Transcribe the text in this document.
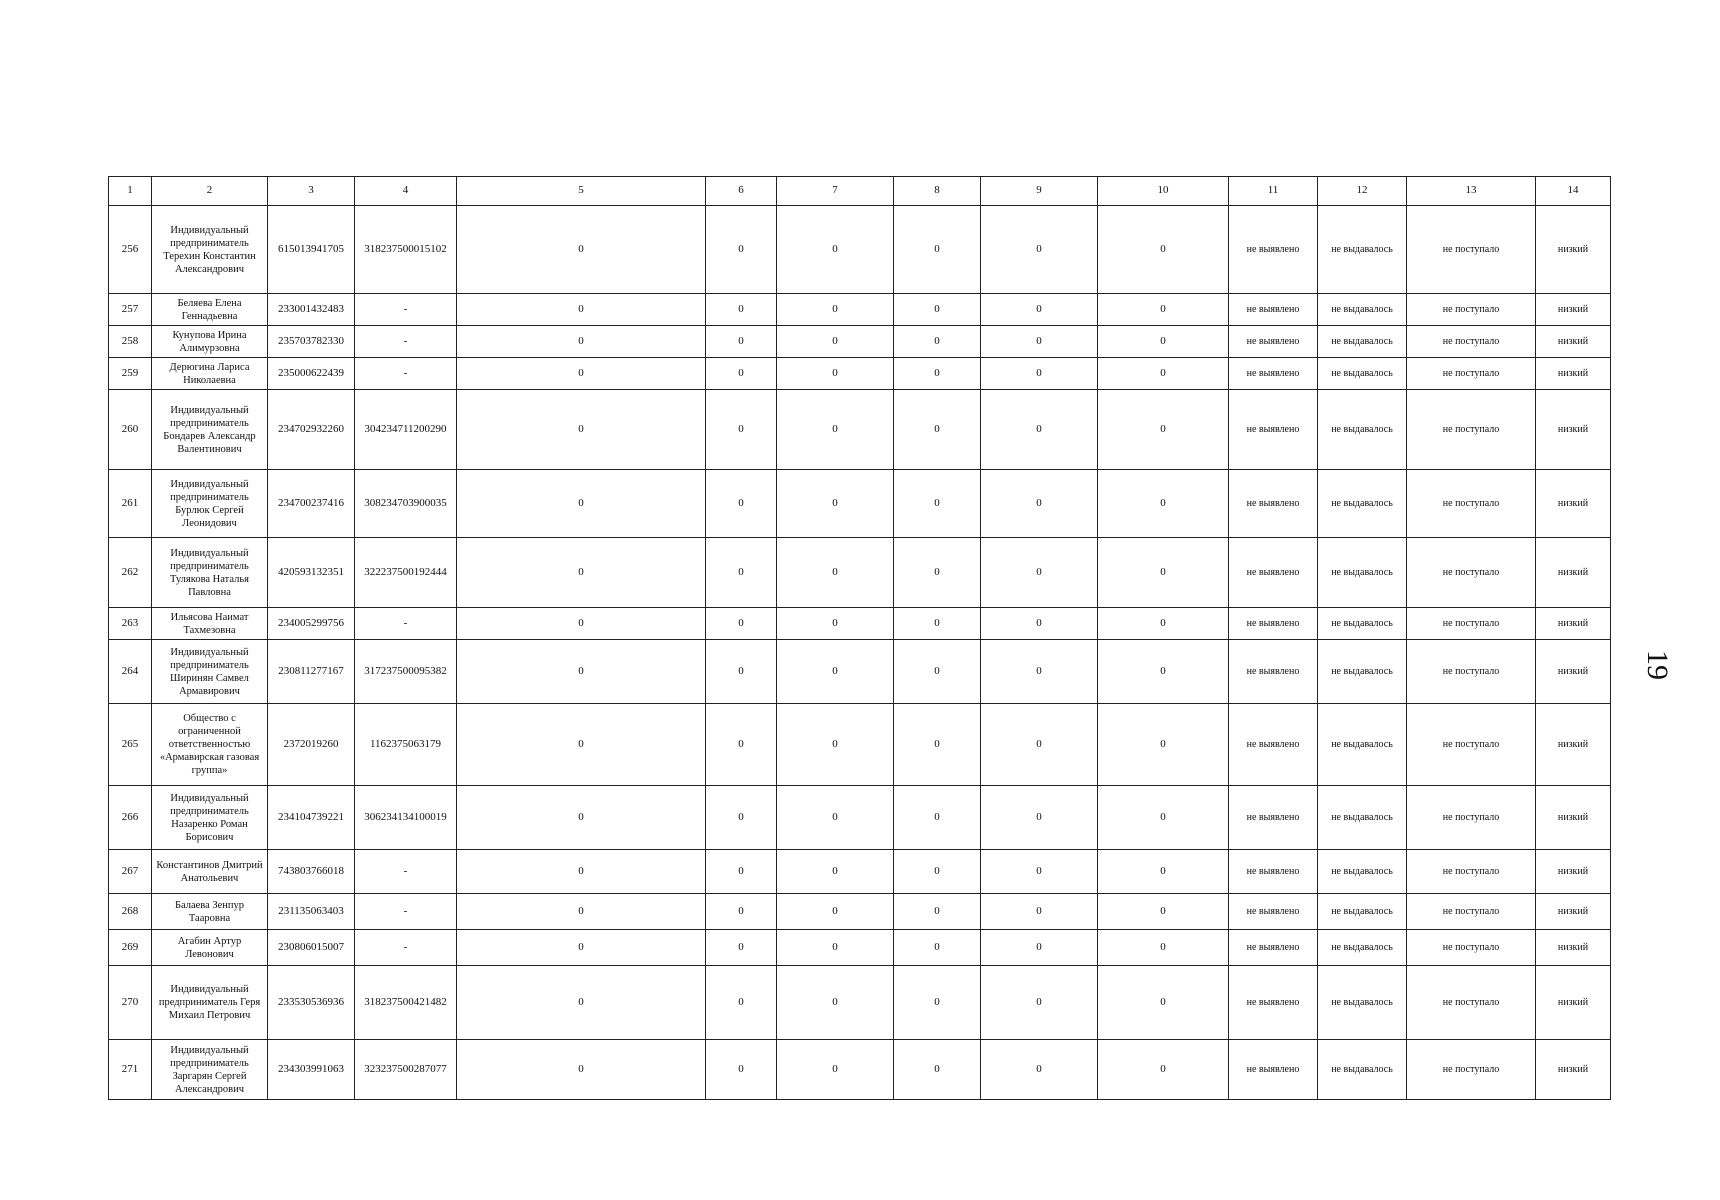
1	2	3	4	5	6	7	8	9	10	11	12	13	14
256	Индивидуальный предприниматель Терехин Константин Александрович	615013941705	318237500015102	0	0	0	0	0	0	не выявлено	не выдавалось	не поступало	низкий
257	Беляева Елена Геннадьевна	233001432483	-	0	0	0	0	0	0	не выявлено	не выдавалось	не поступало	низкий
258	Кунупова Ирина Алимурзовна	235703782330	-	0	0	0	0	0	0	не выявлено	не выдавалось	не поступало	низкий
259	Дерюгина Лариса Николаевна	235000622439	-	0	0	0	0	0	0	не выявлено	не выдавалось	не поступало	низкий
260	Индивидуальный предприниматель Бондарев Александр Валентинович	234702932260	304234711200290	0	0	0	0	0	0	не выявлено	не выдавалось	не поступало	низкий
261	Индивидуальный предприниматель Бурлюк Сергей Леонидович	234700237416	308234703900035	0	0	0	0	0	0	не выявлено	не выдавалось	не поступало	низкий
262	Индивидуальный предприниматель Тулякова Наталья Павловна	420593132351	322237500192444	0	0	0	0	0	0	не выявлено	не выдавалось	не поступало	низкий
263	Ильясова Наимат Тахмезовна	234005299756	-	0	0	0	0	0	0	не выявлено	не выдавалось	не поступало	низкий
264	Индивидуальный предприниматель Ширинян Самвел Армавирович	230811277167	317237500095382	0	0	0	0	0	0	не выявлено	не выдавалось	не поступало	низкий
265	Общество с ограниченной ответственностью «Армавирская газовая группа»	2372019260	1162375063179	0	0	0	0	0	0	не выявлено	не выдавалось	не поступало	низкий
266	Индивидуальный предприниматель Назаренко Роман Борисович	234104739221	306234134100019	0	0	0	0	0	0	не выявлено	не выдавалось	не поступало	низкий
267	Константинов Дмитрий Анатольевич	743803766018	-	0	0	0	0	0	0	не выявлено	не выдавалось	не поступало	низкий
268	Балаева Зенпур Тааровна	231135063403	-	0	0	0	0	0	0	не выявлено	не выдавалось	не поступало	низкий
269	Агабин Артур Левонович	230806015007	-	0	0	0	0	0	0	не выявлено	не выдавалось	не поступало	низкий
270	Индивидуальный предприниматель Геря Михаил Петрович	233530536936	318237500421482	0	0	0	0	0	0	не выявлено	не выдавалось	не поступало	низкий
271	Индивидуальный предприниматель Заргарян Сергей Александрович	234303991063	323237500287077	0	0	0	0	0	0	не выявлено	не выдавалось	не поступало	низкий
19
